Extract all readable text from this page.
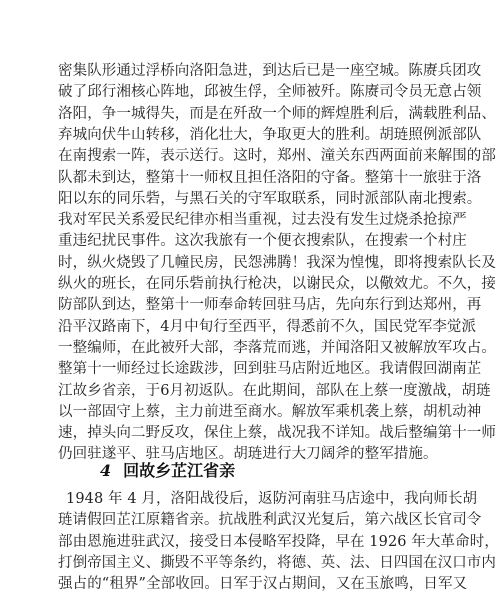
密集队形通过浮桥向洛阳急进，到达后已是一座空城。陈赓兵团攻
破了邱行湘核心阵地，邱被生俘，全师被歼。陈赓司令员无意占领
洛阳，争一城得失，而是在歼敌一个师的辉煌胜利后，满载胜利品、
弃城向伏牛山转移，消化壮大，争取更大的胜利。胡琏照例派部队
在南搜索一阵，表示送行。这时，郑州、潼关东西两面前来解围的部
队都未到达，整第十一师权且担任洛阳的守备。整第十一旅驻于洛
阳以东的同乐砦，与黑石关的守军取联系，同时派部队南北搜索。
我对军民关系爱民纪律亦相当重视，过去没有发生过烧杀抢掠严
重违纪扰民事件。这次我旅有一个便衣搜索队，在搜索一个村庄
时，纵火烧毁了几幢民房，民怨沸腾！我深为惶愧，即将搜索队长及
纵火的班长，在同乐砦前执行枪决，以谢民众，以儆效尤。不久，接
防部队到达，整第十一师奉命转回驻马店，先向东行到达郑州，再
沿平汉路南下，4月中旬行至西平，得悉前不久，国民党军李觉派
一整编师，在此被歼大部，李落荒而逃，并闻洛阳又被解放军攻占。
整第十一师经过长途跋涉，回到驻马店附近地区。我请假回湖南芷
江故乡省亲，于6月初返队。在此期间，部队在上蔡一度激战，胡琏
以一部固守上蔡，主力前进至商水。解放军乘机袭上蔡，胡机动神
速，掉头向二野反攻，保住上蔡，战况我不详知。战后整编第十一师
仍回驻遂平、驻马店地区。胡琏进行大刀阔斧的整军措施。
4 回故乡芷江省亲
1948 年 4 月，洛阳战役后，返防河南驻马店途中，我向师长胡
琏请假回芷江原籍省亲。抗战胜利武汉光复后，第六战区长官司令
部由恩施进驻武汉，接受日本侵略军投降，早在 1926 年大革命时，
打倒帝国主义、撕毁不平等条约，将德、英、法、日四国在汉口市内
强占的“租界”全部收回。日军于汉占期间，又在玉旅鸣，日军又
